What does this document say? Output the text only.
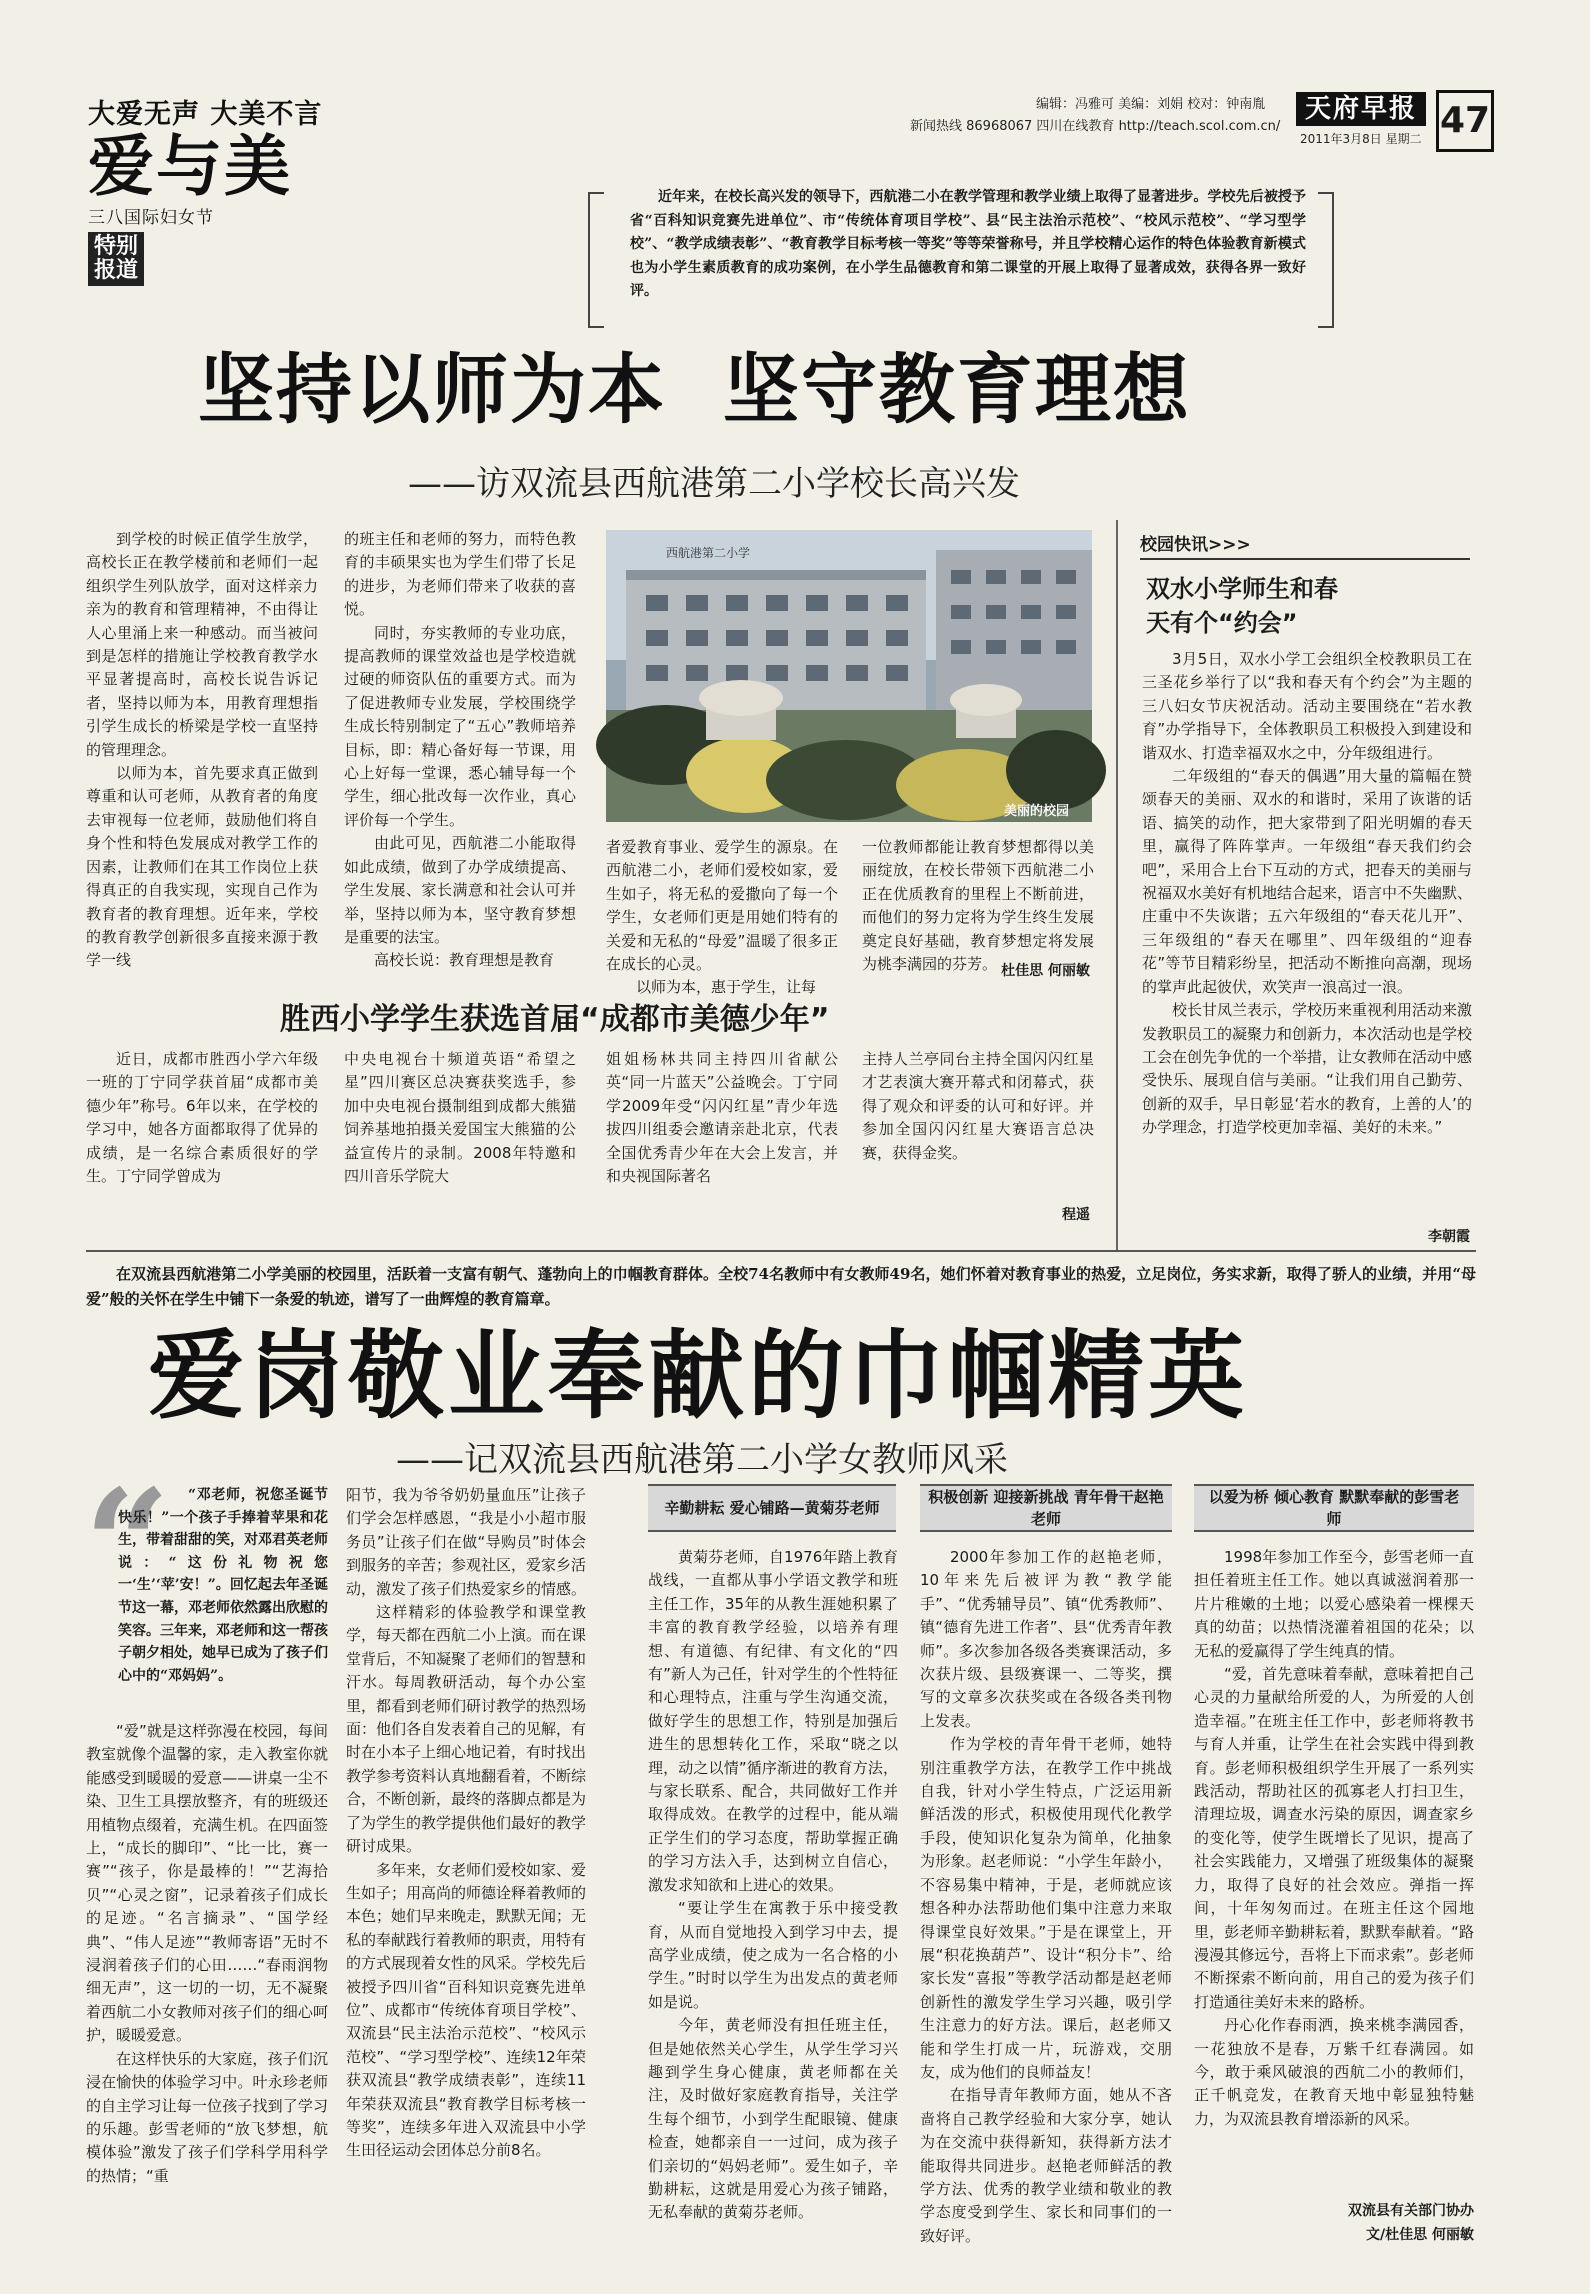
大爱无声 大美不言
爱与美
三八国际妇女节
特别报道
编辑：冯雅可 美编：刘娟 校对：钟南胤
新闻热线 86968067 四川在线教育 http://teach.scol.com.cn/
天府早报
2011年3月8日 星期二 47

近年来，在校长高兴发的领导下，西航港二小在教学管理和教学业绩上取得了显著进步。学校先后被授予省“百科知识竞赛先进单位”、市“传统体育项目学校”、县“民主法治示范校”、“校风示范校”、“学习型学校”、“教学成绩表彰”、“教育教学目标考核一等奖”等等荣誉称号，并且学校精心运作的特色体验教育新模式也为小学生素质教育的成功案例，在小学生品德教育和第二课堂的开展上取得了显著成效，获得各界一致好评。

坚持以师为本  坚守教育理想
——访双流县西航港第二小学校长高兴发

到学校的时候正值学生放学，高校长正在教学楼前和老师们一起组织学生列队放学，面对这样亲力亲为的教育和管理精神，不由得让人心里涌上来一种感动。而当被问到是怎样的措施让学校教育教学水平显著提高时，高校长说告诉记者，坚持以师为本，用教育理想指引学生成长的桥梁是学校一直坚持的管理理念。

以师为本，首先要求真正做到尊重和认可老师，从教育者的角度去审视每一位老师，鼓励他们将自身个性和特色发展成对教学工作的因素，让教师们在其工作岗位上获得真正的自我实现，实现自己作为教育者的教育理想。近年来，学校的教育教学创新很多直接来源于教学一线

的班主任和老师的努力，而特色教育的丰硕果实也为学生们带了长足的进步，为老师们带来了收获的喜悦。

同时，夯实教师的专业功底，提高教师的课堂效益也是学校造就过硬的师资队伍的重要方式。而为了促进教师专业发展，学校围绕学生成长特别制定了“五心”教师培养目标，即：精心备好每一节课，用心上好每一堂课，悉心辅导每一个学生，细心批改每一次作业，真心评价每一个学生。

由此可见，西航港二小能取得如此成绩，做到了办学成绩提高、学生发展、家长满意和社会认可并举，坚持以师为本，坚守教育梦想是重要的法宝。

高校长说：教育理想是教育

西航港第二小学
美丽的校园

者爱教育事业、爱学生的源泉。在西航港二小，老师们爱校如家，爱生如子，将无私的爱撒向了每一个学生，女老师们更是用她们特有的关爱和无私的“母爱”温暖了很多正在成长的心灵。

以师为本，惠于学生，让每

一位教师都能让教育梦想都得以美丽绽放，在校长带领下西航港二小正在优质教育的里程上不断前进，而他们的努力定将为学生终生发展奠定良好基础，教育梦想定将发展为桃李满园的芬芳。 杜佳思 何丽敏
校园快讯>>>
双水小学师生和春天有个“约会”

3月5日，双水小学工会组织全校教职员工在三圣花乡举行了以“我和春天有个约会”为主题的三八妇女节庆祝活动。活动主要围绕在“若水教育”办学指导下，全体教职员工积极投入到建设和谐双水、打造幸福双水之中，分年级组进行。

二年级组的“春天的偶遇”用大量的篇幅在赞颂春天的美丽、双水的和谐时，采用了诙谐的话语、搞笑的动作，把大家带到了阳光明媚的春天里，赢得了阵阵掌声。一年级组“春天我们约会吧”，采用合上台下互动的方式，把春天的美丽与祝福双水美好有机地结合起来，语言中不失幽默、庄重中不失诙谐；五六年级组的“春天花儿开”、三年级组的“春天在哪里”、四年级组的“迎春花”等节目精彩纷呈，把活动不断推向高潮，现场的掌声此起彼伏，欢笑声一浪高过一浪。

校长甘凤兰表示，学校历来重视利用活动来激发教职员工的凝聚力和创新力，本次活动也是学校工会在创先争优的一个举措，让女教师在活动中感受快乐、展现自信与美丽。“让我们用自己勤劳、创新的双手，早日彰显‘若水的教育，上善的人’的办学理念，打造学校更加幸福、美好的未来。”

李朝霞
胜西小学学生获选首届“成都市美德少年”

近日，成都市胜西小学六年级一班的丁宁同学获首届“成都市美德少年”称号。6年以来，在学校的学习中，她各方面都取得了优异的成绩，是一名综合素质很好的学生。丁宁同学曾成为

中央电视台十频道英语“希望之星”四川赛区总决赛获奖选手，参加中央电视台摄制组到成都大熊猫饲养基地拍摄关爱国宝大熊猫的公益宣传片的录制。2008年特邀和四川音乐学院大

姐姐杨林共同主持四川省献公英“同一片蓝天”公益晚会。丁宁同学2009年受“闪闪红星”青少年选拔四川组委会邀请亲赴北京，代表全国优秀青少年在大会上发言，并和央视国际著名

主持人兰亭同台主持全国闪闪红星才艺表演大赛开幕式和闭幕式，获得了观众和评委的认可和好评。并参加全国闪闪红星大赛语言总决赛，获得金奖。

程遥

在双流县西航港第二小学美丽的校园里，活跃着一支富有朝气、蓬勃向上的巾帼教育群体。全校74名教师中有女教师49名，她们怀着对教育事业的热爱，立足岗位，务实求新，取得了骄人的业绩，并用“母爱”般的关怀在学生中铺下一条爱的轨迹，谱写了一曲辉煌的教育篇章。

爱岗敬业奉献的巾帼精英
——记双流县西航港第二小学女教师风采
“	“邓老师，祝您圣诞节快乐！”一个孩子手捧着苹果和花生，带着甜甜的笑，对邓君英老师说：“这份礼物祝您一‘生’‘苹’安！”。回忆起去年圣诞节这一幕，邓老师依然露出欣慰的笑容。三年来，邓老师和这一帮孩子朝夕相处，她早已成为了孩子们心中的“邓妈妈”。

“爱”就是这样弥漫在校园，每间教室就像个温馨的家，走入教室你就能感受到暖暖的爱意——讲桌一尘不染、卫生工具摆放整齐，有的班级还用植物点缀着，充满生机。在四面签上，“成长的脚印”、“比一比，赛一赛”“孩子，你是最棒的！”“艺海拾贝”“心灵之窗”，记录着孩子们成长的足迹。“名言摘录”、“国学经典”、“伟人足迹”“教师寄语”无时不浸润着孩子们的心田……“春雨润物细无声”，这一切的一切，无不凝聚着西航二小女教师对孩子们的细心呵护，暖暖爱意。

在这样快乐的大家庭，孩子们沉浸在愉快的体验学习中。叶永珍老师的自主学习让每一位孩子找到了学习的乐趣。彭雪老师的“放飞梦想，航模体验”激发了孩子们学科学用科学的热情；“重

阳节，我为爷爷奶奶量血压”让孩子们学会怎样感恩，“我是小小超市服务员”让孩子们在做“导购员”时体会到服务的辛苦；参观社区，爱家乡活动，激发了孩子们热爱家乡的情感。

这样精彩的体验教学和课堂教学，每天都在西航二小上演。而在课堂背后，不知凝聚了老师们的智慧和汗水。每周教研活动，每个办公室里，都看到老师们研讨教学的热烈场面：他们各自发表着自己的见解，有时在小本子上细心地记着，有时找出教学参考资料认真地翻看着，不断综合，不断创新，最终的落脚点都是为了为学生的教学提供他们最好的教学研讨成果。

多年来，女老师们爱校如家、爱生如子；用高尚的师德诠释着教师的本色；她们早来晚走，默默无闻；无私的奉献践行着教师的职责，用特有的方式展现着女性的风采。学校先后被授予四川省“百科知识竞赛先进单位”、成都市“传统体育项目学校”、双流县“民主法治示范校”、“校风示范校”、“学习型学校”、连续12年荣获双流县“教学成绩表彰”，连续11年荣获双流县“教育教学目标考核一等奖”，连续多年进入双流县中小学生田径运动会团体总分前8名。

辛勤耕耘 爱心铺路—黄菊芬老师

黄菊芬老师，自1976年踏上教育战线，一直都从事小学语文教学和班主任工作，35年的从教生涯她积累了丰富的教育教学经验，以培养有理想、有道德、有纪律、有文化的“四有”新人为己任，针对学生的个性特征和心理特点，注重与学生沟通交流，做好学生的思想工作，特别是加强后进生的思想转化工作，采取“晓之以理，动之以情”循序渐进的教育方法，与家长联系、配合，共同做好工作并取得成效。在教学的过程中，能从端正学生们的学习态度，帮助掌握正确的学习方法入手，达到树立自信心，激发求知欲和上进心的效果。

“要让学生在寓教于乐中接受教育，从而自觉地投入到学习中去，提高学业成绩，使之成为一名合格的小学生。”时时以学生为出发点的黄老师如是说。

今年，黄老师没有担任班主任，但是她依然关心学生，从学生学习兴趣到学生身心健康，黄老师都在关注，及时做好家庭教育指导，关注学生每个细节，小到学生配眼镜、健康检查，她都亲自一一过问，成为孩子们亲切的“妈妈老师”。爱生如子，辛勤耕耘，这就是用爱心为孩子铺路，无私奉献的黄菊芬老师。

积极创新 迎接新挑战 青年骨干赵艳老师

2000年参加工作的赵艳老师，10年来先后被评为教“教学能手”、“优秀辅导员”、镇“优秀教师”、镇“德育先进工作者”、县“优秀青年教师”。多次参加各级各类赛课活动，多次获片级、县级赛课一、二等奖，撰写的文章多次获奖或在各级各类刊物上发表。

作为学校的青年骨干老师，她特别注重教学方法，在教学工作中挑战自我，针对小学生特点，广泛运用新鲜活泼的形式，积极使用现代化教学手段，使知识化复杂为简单，化抽象为形象。赵老师说：“小学生年龄小，不容易集中精神，于是，老师就应该想各种办法帮助他们集中注意力来取得课堂良好效果。”于是在课堂上，开展“积花换葫芦”、设计“积分卡”、给家长发“喜报”等教学活动都是赵老师创新性的激发学生学习兴趣，吸引学生注意力的好方法。课后，赵老师又能和学生打成一片，玩游戏，交朋友，成为他们的良师益友！

在指导青年教师方面，她从不吝啬将自己教学经验和大家分享，她认为在交流中获得新知，获得新方法才能取得共同进步。赵艳老师鲜活的教学方法、优秀的教学业绩和敬业的教学态度受到学生、家长和同事们的一致好评。

以爱为桥 倾心教育 默默奉献的彭雪老师

1998年参加工作至今，彭雪老师一直担任着班主任工作。她以真诚滋润着那一片片稚嫩的土地；以爱心感染着一棵棵天真的幼苗；以热情浇灌着祖国的花朵；以无私的爱赢得了学生纯真的情。

“爱，首先意味着奉献，意味着把自己心灵的力量献给所爱的人，为所爱的人创造幸福。”在班主任工作中，彭老师将教书与育人并重，让学生在社会实践中得到教育。彭老师积极组织学生开展了一系列实践活动，帮助社区的孤寡老人打扫卫生，清理垃圾，调查水污染的原因，调查家乡的变化等，使学生既增长了见识，提高了社会实践能力，又增强了班级集体的凝聚力，取得了良好的社会效应。弹指一挥间，十年匆匆而过。在班主任这个园地里，彭老师辛勤耕耘着，默默奉献着。“路漫漫其修远兮，吾将上下而求索”。彭老师不断探索不断向前，用自己的爱为孩子们打造通往美好未来的路桥。

丹心化作春雨洒，换来桃李满园香，一花独放不是春，万紫千红春满园。如今，敢于乘风破浪的西航二小的教师们，正千帆竞发，在教育天地中彰显独特魅力，为双流县教育增添新的风采。

双流县有关部门协办
文/杜佳思 何丽敏
